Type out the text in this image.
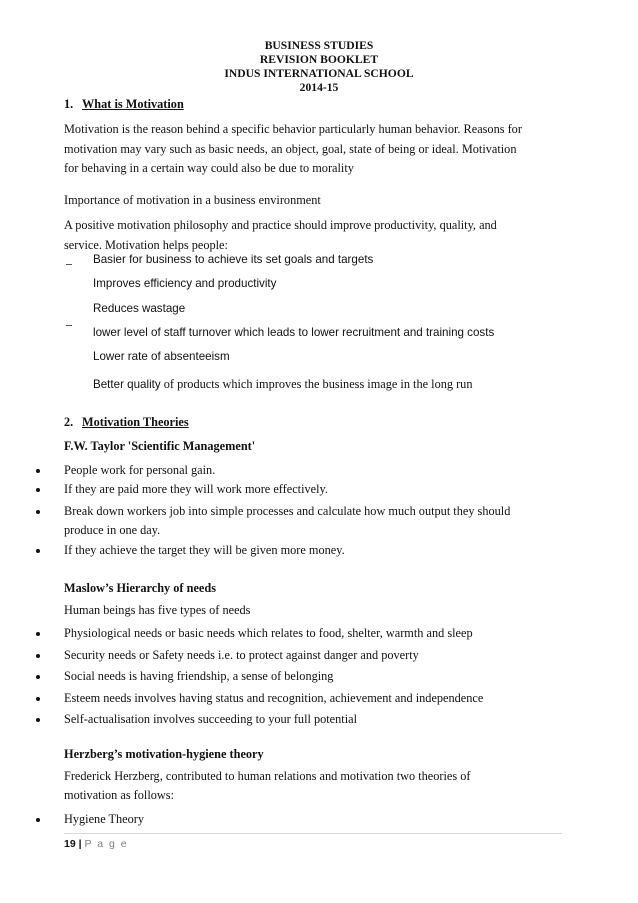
BUSINESS STUDIES
REVISION BOOKLET
INDUS INTERNATIONAL SCHOOL
2014-15
1. What is Motivation
Motivation is the reason behind a specific behavior particularly human behavior. Reasons for
motivation may vary such as basic needs, an object, goal, state of being or ideal. Motivation
for behaving in a certain way could also be due to morality
Importance of motivation in a business environment
A positive motivation philosophy and practice should improve productivity, quality, and
service. Motivation helps people:
Basier for business to achieve its set goals and targets
Improves efficiency and productivity
Reduces wastage
lower level of staff turnover which leads to lower recruitment and training costs
Lower rate of absenteeism
Better quality of products which improves the business image in the long run
2. Motivation Theories
F.W. Taylor 'Scientific Management'
People work for personal gain.
If they are paid more they will work more effectively.
Break down workers job into simple processes and calculate how much output they should
produce in one day.
If they achieve the target they will be given more money.
Maslow’s Hierarchy of needs
Human beings has five types of needs
Physiological needs or basic needs which relates to food, shelter, warmth and sleep
Security needs or Safety needs i.e. to protect against danger and poverty
Social needs is having friendship, a sense of belonging
Esteem needs involves having status and recognition, achievement and independence
Self-actualisation involves succeeding to your full potential
Herzberg’s motivation-hygiene theory
Frederick Herzberg, contributed to human relations and motivation two theories of
motivation as follows:
Hygiene Theory
19 | P a g e
